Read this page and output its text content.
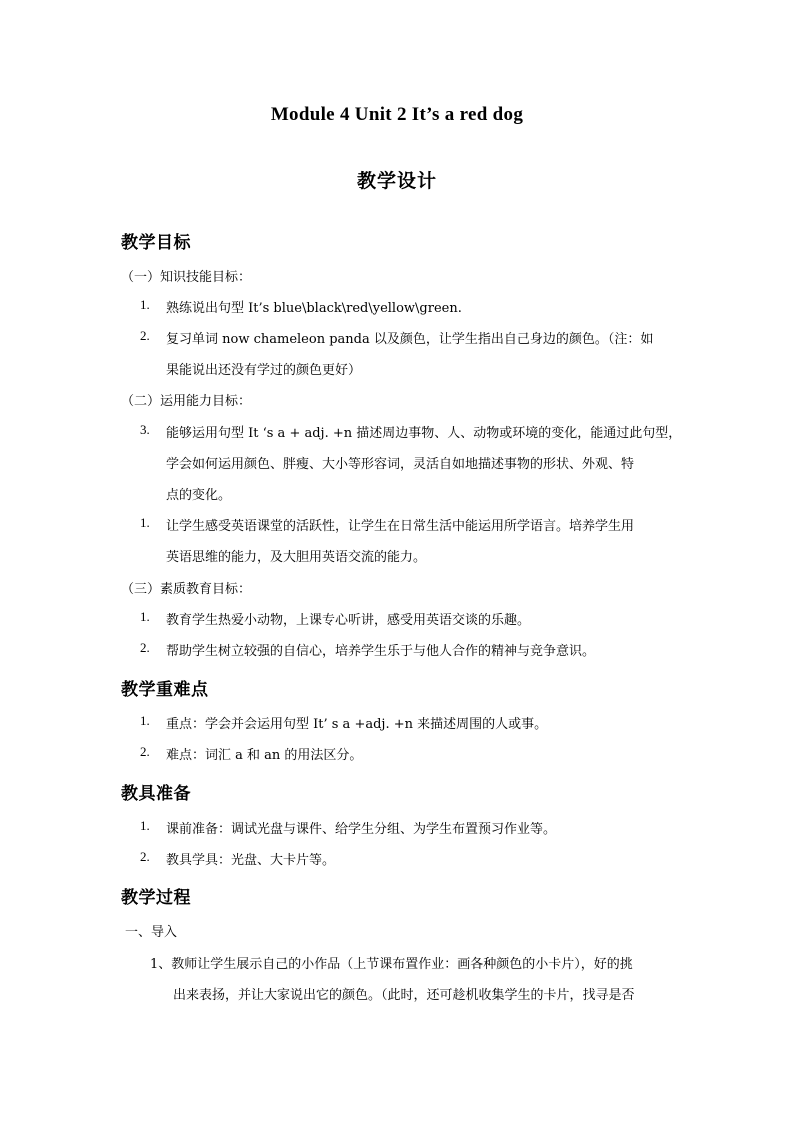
Module 4 Unit 2 It’s a red dog
教学设计
教学目标
（一）知识技能目标：
1. 熟练说出句型 It’s blue\black\red\yellow\green.
2. 复习单词 now chameleon panda 以及颜色，让学生指出自己身边的颜色。（注：如
果能说出还没有学过的颜色更好）
（二）运用能力目标：
3. 能够运用句型 It ‘s a + adj. +n 描述周边事物、人、动物或环境的变化，能通过此句型，
学会如何运用颜色、胖瘦、大小等形容词，灵活自如地描述事物的形状、外观、特
点的变化。
1. 让学生感受英语课堂的活跃性，让学生在日常生活中能运用所学语言。培养学生用
英语思维的能力，及大胆用英语交流的能力。
（三）素质教育目标：
1. 教育学生热爱小动物，上课专心听讲，感受用英语交谈的乐趣。
2. 帮助学生树立较强的自信心，培养学生乐于与他人合作的精神与竞争意识。
教学重难点
1. 重点：学会并会运用句型 It’ s a +adj. +n 来描述周围的人或事。
2. 难点：词汇 a 和 an 的用法区分。
教具准备
1. 课前准备：调试光盘与课件、给学生分组、为学生布置预习作业等。
2. 教具学具：光盘、大卡片等。
教学过程
一、导入
1、教师让学生展示自己的小作品（上节课布置作业：画各种颜色的小卡片），好的挑
出来表扬，并让大家说出它的颜色。（此时，还可趁机收集学生的卡片，找寻是否
